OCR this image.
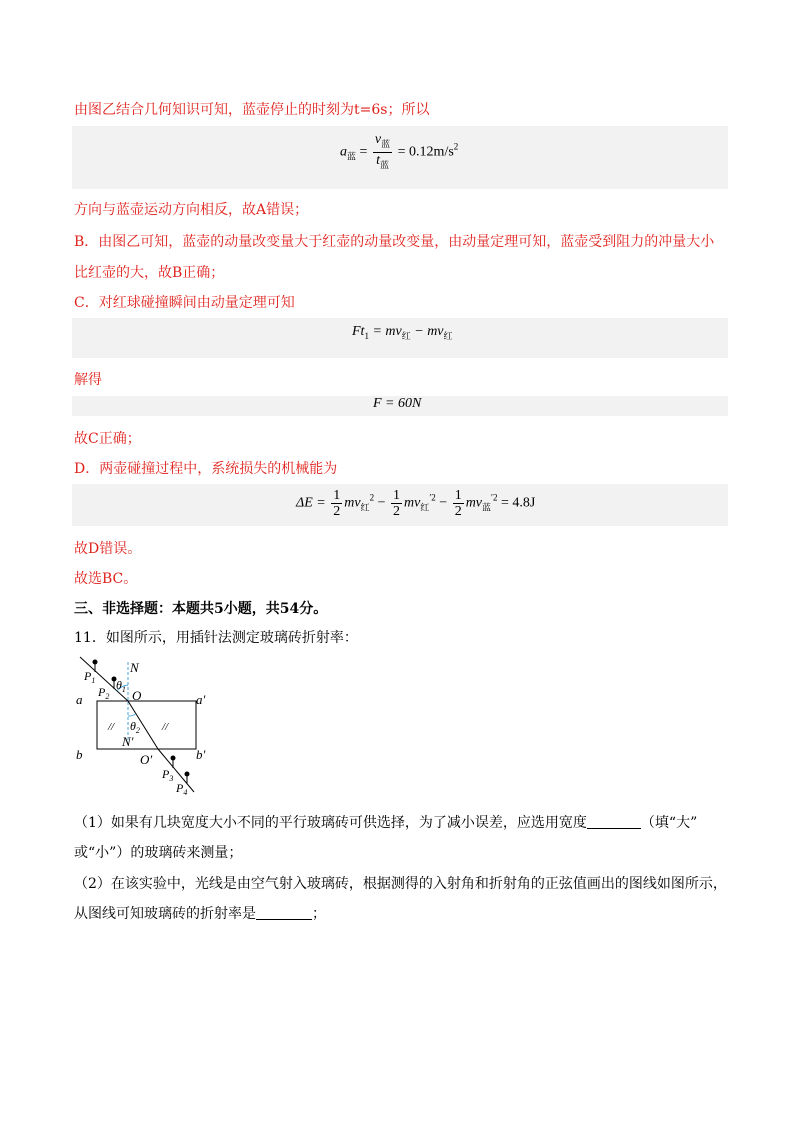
由图乙结合几何知识可知，蓝壶停止的时刻为t=6s；所以
$a_蓝 = \frac{v_蓝}{t_蓝} = 0.12m/s^2$
方向与蓝壶运动方向相反，故A错误；
B．由图乙可知，蓝壶的动量改变量大于红壶的动量改变量，由动量定理可知，蓝壶受到阻力的冲量大小
比红壶的大，故B正确；
C．对红球碰撞瞬间由动量定理可知
$Ft_1 = mv_红 - mv_红$
解得
F = 60N
故C正确；
D．两壶碰撞过程中，系统损失的机械能为
$\Delta E = \frac{1}{2} mv_红^2 - \frac{1}{2} mv_红^{'2} - \frac{1}{2} mv_蓝^{'2} = 4.8J$
故D错误。
故选BC。
三、非选择题：本题共5小题，共54分。
11．如图所示，用插针法测定玻璃砖折射率：
N
$\theta_1$ O
$P_1$
$P_2$
a	a′
//	//
$\theta_2$
N′
b	b′
O′
$P_3$
$P_4$
（1）如果有几块宽度大小不同的平行玻璃砖可供选择，为了减小误差，应选用宽度	（填“大”
或“小”）的玻璃砖来测量；
（2）在该实验中，光线是由空气射入玻璃砖，根据测得的入射角和折射角的正弦值画出的图线如图所示，
从图线可知玻璃砖的折射率是	；
